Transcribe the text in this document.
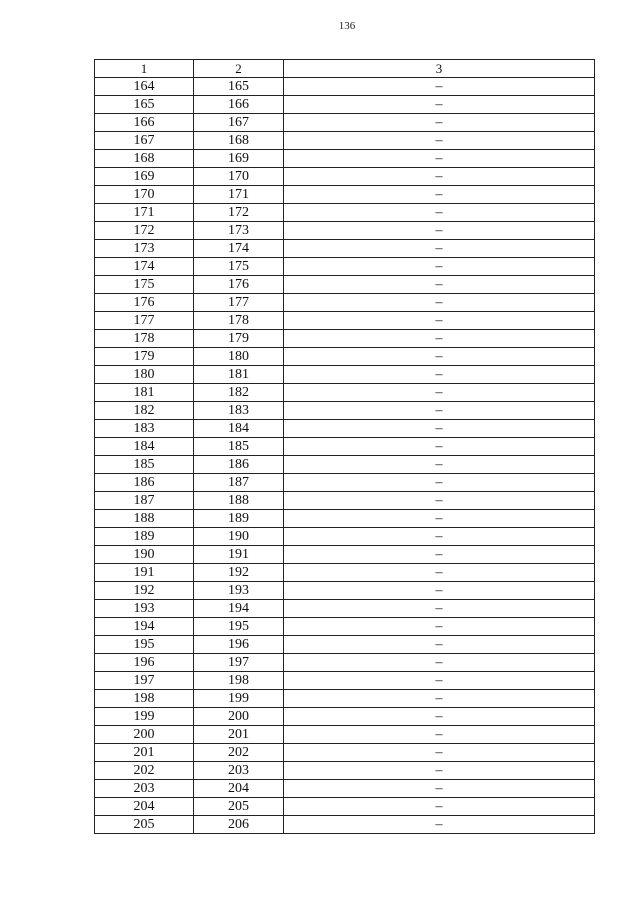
136
1	2	3
164	165	–
165	166	–
166	167	–
167	168	–
168	169	–
169	170	–
170	171	–
171	172	–
172	173	–
173	174	–
174	175	–
175	176	–
176	177	–
177	178	–
178	179	–
179	180	–
180	181	–
181	182	–
182	183	–
183	184	–
184	185	–
185	186	–
186	187	–
187	188	–
188	189	–
189	190	–
190	191	–
191	192	–
192	193	–
193	194	–
194	195	–
195	196	–
196	197	–
197	198	–
198	199	–
199	200	–
200	201	–
201	202	–
202	203	–
203	204	–
204	205	–
205	206	–
